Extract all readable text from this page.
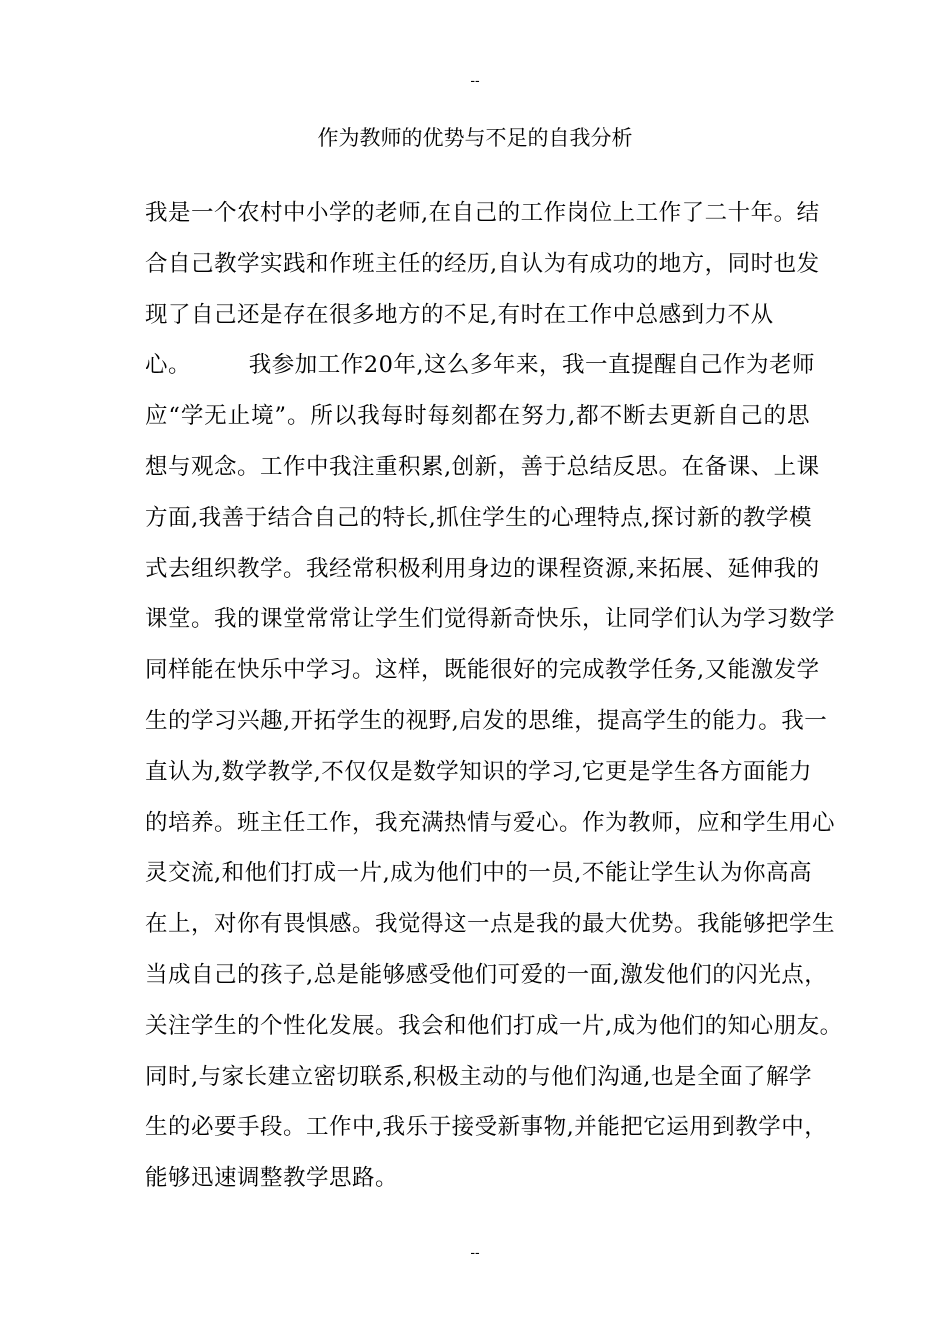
--
作为教师的优势与不足的自我分析
我是一个农村中小学的老师,在自己的工作岗位上工作了二十年。结
合自己教学实践和作班主任的经历,自认为有成功的地方，同时也发
现了自己还是存在很多地方的不足,有时在工作中总感到力不从
心。　　　我参加工作20年,这么多年来，我一直提醒自己作为老师
应“学无止境”。所以我每时每刻都在努力,都不断去更新自己的思
想与观念。工作中我注重积累,创新，善于总结反思。在备课、上课
方面,我善于结合自己的特长,抓住学生的心理特点,探讨新的教学模
式去组织教学。我经常积极利用身边的课程资源,来拓展、延伸我的
课堂。我的课堂常常让学生们觉得新奇快乐，让同学们认为学习数学
同样能在快乐中学习。这样，既能很好的完成教学任务,又能激发学
生的学习兴趣,开拓学生的视野,启发的思维，提高学生的能力。我一
直认为,数学教学,不仅仅是数学知识的学习,它更是学生各方面能力
的培养。班主任工作，我充满热情与爱心。作为教师，应和学生用心
灵交流,和他们打成一片,成为他们中的一员,不能让学生认为你高高
在上，对你有畏惧感。我觉得这一点是我的最大优势。我能够把学生
当成自己的孩子,总是能够感受他们可爱的一面,激发他们的闪光点，
关注学生的个性化发展。我会和他们打成一片,成为他们的知心朋友。
同时,与家长建立密切联系,积极主动的与他们沟通,也是全面了解学
生的必要手段。工作中,我乐于接受新事物,并能把它运用到教学中，
能够迅速调整教学思路。
--
